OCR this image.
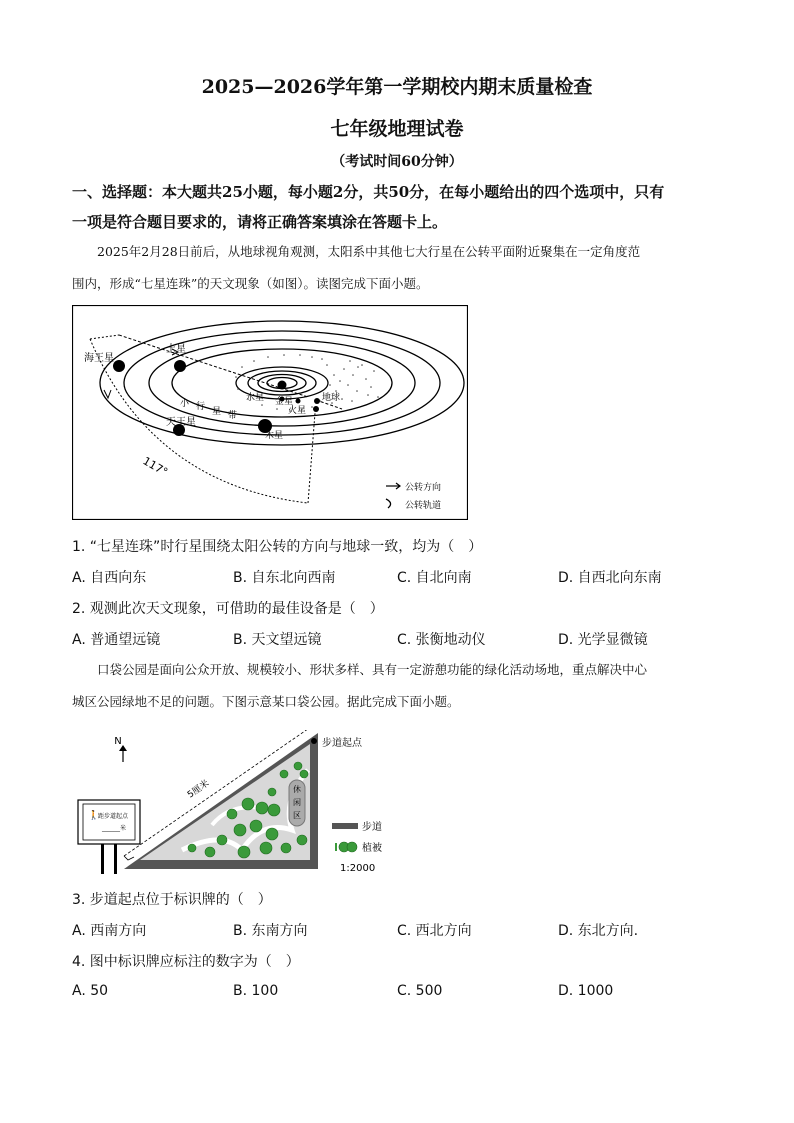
2025—2026学年第一学期校内期末质量检查
七年级地理试卷
（考试时间60分钟）
一、选择题：本大题共25小题，每小题2分，共50分，在每小题给出的四个选项中，只有
一项是符合题目要求的，请将正确答案填涂在答题卡上。
2025年2月28日前后，从地球视角观测，太阳系中其他七大行星在公转平面附近聚集在一定角度范
围内，形成“七星连珠”的天文现象（如图）。读图完成下面小题。
海王星
土星
天王星
木星
水星 金星	地球
火星
小 行 星 带
117°
公转方向
公转轨道
1. “七星连珠”时行星围绕太阳公转的方向与地球一致，均为（　）
A. 自西向东	B. 自东北向西南	C. 自北向南	D. 自西北向东南
2. 观测此次天文现象，可借助的最佳设备是（　）
A. 普通望远镜	B. 天文望远镜	C. 张衡地动仪	D. 光学显微镜
口袋公园是面向公众开放、规模较小、形状多样、具有一定游憩功能的绿化活动场地，重点解决中心
城区公园绿地不足的问题。下图示意某口袋公园。据此完成下面小题。
N
5厘米	休
闲
区
步道起点
🚶
距步道起点
______米	步道
植被
1:2000
3. 步道起点位于标识牌的（　）
A. 西南方向	B. 东南方向	C. 西北方向	D. 东北方向.
4. 图中标识牌应标注的数字为（　）
A. 50	B. 100	C. 500	D. 1000
